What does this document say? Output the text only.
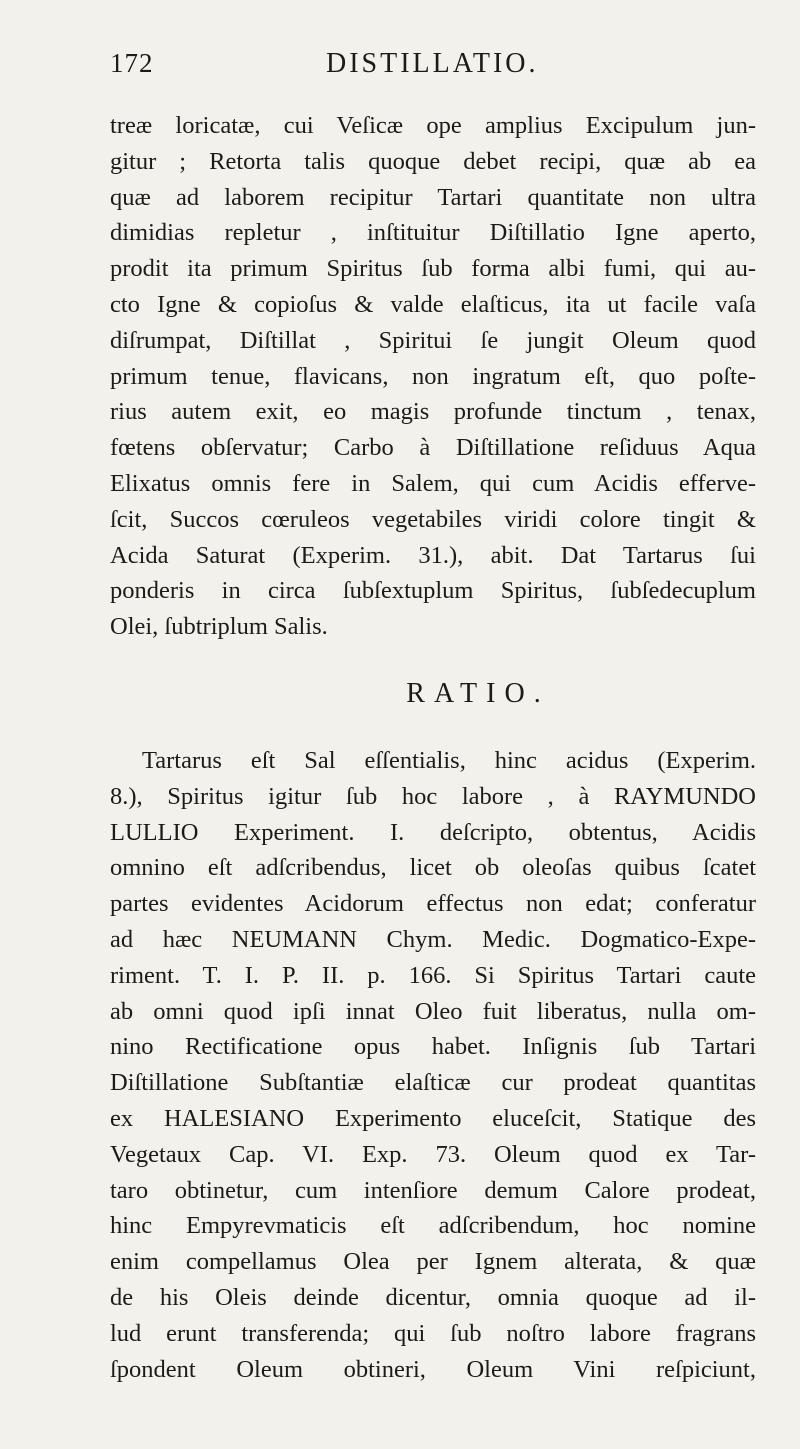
172	DISTILLATIO.
treæ loricatæ, cui Veſicæ ope amplius Excipulum jun-
gitur ; Retorta talis quoque debet recipi, quæ ab ea
quæ ad laborem recipitur Tartari quantitate non ultra
dimidias repletur , inſtituitur Diſtillatio Igne aperto,
prodit ita primum Spiritus ſub forma albi fumi, qui au-
cto Igne & copioſus & valde elaſticus, ita ut facile vaſa
diſrumpat, Diſtillat , Spiritui ſe jungit Oleum quod
primum tenue, flavicans, non ingratum eſt, quo poſte-
rius autem exit, eo magis profunde tinctum , tenax,
fœtens obſervatur; Carbo à Diſtillatione reſiduus Aqua
Elixatus omnis fere in Salem, qui cum Acidis efferve-
ſcit, Succos cœruleos vegetabiles viridi colore tingit &
Acida Saturat (Experim. 31.), abit. Dat Tartarus ſui
ponderis in circa ſubſextuplum Spiritus, ſubſedecuplum
Olei, ſubtriplum Salis.
RATIO.
Tartarus eſt Sal eſſentialis, hinc acidus (Experim.
8.), Spiritus igitur ſub hoc labore , à RAYMUNDO
LULLIO Experiment. I. deſcripto, obtentus, Acidis
omnino eſt adſcribendus, licet ob oleoſas quibus ſcatet
partes evidentes Acidorum effectus non edat; conferatur
ad hæc NEUMANN Chym. Medic. Dogmatico-Expe-
riment. T. I. P. II. p. 166. Si Spiritus Tartari caute
ab omni quod ipſi innat Oleo fuit liberatus, nulla om-
nino Rectificatione opus habet. Inſignis ſub Tartari
Diſtillatione Subſtantiæ elaſticæ cur prodeat quantitas
ex HALESIANO Experimento eluceſcit, Statique des
Vegetaux Cap. VI. Exp. 73. Oleum quod ex Tar-
taro obtinetur, cum intenſiore demum Calore prodeat,
hinc Empyrevmaticis eſt adſcribendum, hoc nomine
enim compellamus Olea per Ignem alterata, & quæ
de his Oleis deinde dicentur, omnia quoque ad il-
lud erunt transferenda; qui ſub noſtro labore fragrans
ſpondent Oleum obtineri, Oleum Vini reſpiciunt,
